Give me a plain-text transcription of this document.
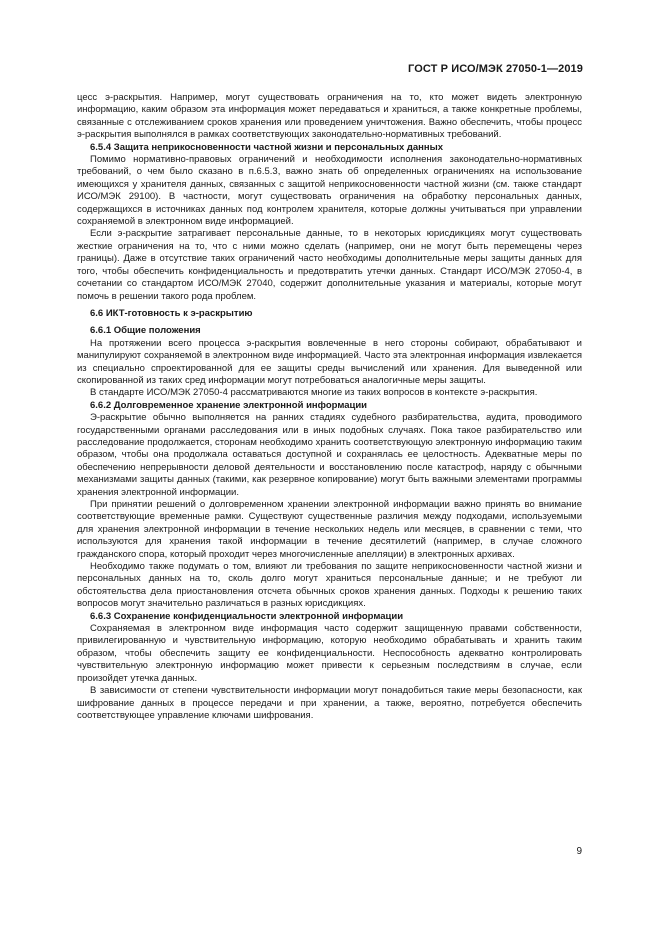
ГОСТ Р ИСО/МЭК 27050-1—2019

цесс э-раскрытия. Например, могут существовать ограничения на то, кто может видеть электронную информацию, каким образом эта информация может передаваться и храниться, а также конкретные проблемы, связанные с отслеживанием сроков хранения или проведением уничтожения. Важно обеспечить, чтобы процесс э-раскрытия выполнялся в рамках соответствующих законодательно-нормативных требований.

6.5.4 Защита неприкосновенности частной жизни и персональных данных

Помимо нормативно-правовых ограничений и необходимости исполнения законодательно-нормативных требований, о чем было сказано в п.6.5.3, важно знать об определенных ограничениях на использование имеющихся у хранителя данных, связанных с защитой неприкосновенности частной жизни (см. также стандарт ИСО/МЭК 29100). В частности, могут существовать ограничения на обработку персональных данных, содержащихся в источниках данных под контролем хранителя, которые должны учитываться при управлении сохраняемой в электронном виде информацией.

Если э-раскрытие затрагивает персональные данные, то в некоторых юрисдикциях могут существовать жесткие ограничения на то, что с ними можно сделать (например, они не могут быть перемещены через границы). Даже в отсутствие таких ограничений часто необходимы дополнительные меры защиты данных для того, чтобы обеспечить конфиденциальность и предотвратить утечки данных. Стандарт ИСО/МЭК 27050-4, в сочетании со стандартом ИСО/МЭК 27040, содержит дополнительные указания и материалы, которые могут помочь в решении такого рода проблем.

6.6 ИКТ-готовность к э-раскрытию

6.6.1 Общие положения

На протяжении всего процесса э-раскрытия вовлеченные в него стороны собирают, обрабатывают и манипулируют сохраняемой в электронном виде информацией. Часто эта электронная информация извлекается из специально спроектированной для ее защиты среды вычислений или хранения. Для выведенной или скопированной из таких сред информации могут потребоваться аналогичные меры защиты.

В стандарте ИСО/МЭК 27050-4 рассматриваются многие из таких вопросов в контексте э-раскрытия.

6.6.2 Долговременное хранение электронной информации

Э-раскрытие обычно выполняется на ранних стадиях судебного разбирательства, аудита, проводимого государственными органами расследования или в иных подобных случаях. Пока такое разбирательство или расследование продолжается, сторонам необходимо хранить соответствующую электронную информацию таким образом, чтобы она продолжала оставаться доступной и сохранялась ее целостность. Адекватные меры по обеспечению непрерывности деловой деятельности и восстановлению после катастроф, наряду с обычными механизмами защиты данных (такими, как резервное копирование) могут быть важными элементами программы хранения электронной информации.

При принятии решений о долговременном хранении электронной информации важно принять во внимание соответствующие временные рамки. Существуют существенные различия между подходами, используемыми для хранения электронной информации в течение нескольких недель или месяцев, в сравнении с теми, что используются для хранения такой информации в течение десятилетий (например, в случае сложного гражданского спора, который проходит через многочисленные апелляции) в электронных архивах.

Необходимо также подумать о том, влияют ли требования по защите неприкосновенности частной жизни и персональных данных на то, сколь долго могут храниться персональные данные; и не требуют ли обстоятельства дела приостановления отсчета обычных сроков хранения данных. Подходы к решению таких вопросов могут значительно различаться в разных юрисдикциях.

6.6.3 Сохранение конфиденциальности электронной информации

Сохраняемая в электронном виде информация часто содержит защищенную правами собственности, привилегированную и чувствительную информацию, которую необходимо обрабатывать и хранить таким образом, чтобы обеспечить защиту ее конфиденциальности. Неспособность адекватно контролировать чувствительную электронную информацию может привести к серьезным последствиям в случае, если произойдет утечка данных.

В зависимости от степени чувствительности информации могут понадобиться такие меры безопасности, как шифрование данных в процессе передачи и при хранении, а также, вероятно, потребуется обеспечить соответствующее управление ключами шифрования.

9
